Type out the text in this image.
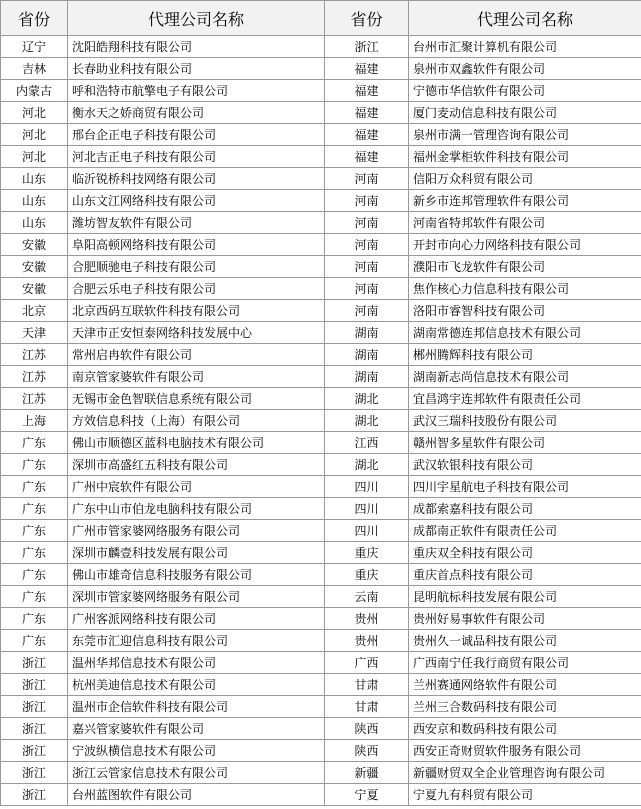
省份	代理公司名称	省份	代理公司名称
辽宁	沈阳皓翔科技有限公司	浙江	台州市汇聚计算机有限公司
吉林	长春助业科技有限公司	福建	泉州市双鑫软件有限公司
内蒙古	呼和浩特市航擎电子有限公司	福建	宁德市华信软件有限公司
河北	衡水天之娇商贸有限公司	福建	厦门麦动信息科技有限公司
河北	邢台企正电子科技有限公司	福建	泉州市满一管理咨询有限公司
河北	河北吉正电子科技有限公司	福建	福州金掌柜软件科技有限公司
山东	临沂锐桥科技网络有限公司	河南	信阳万众科贸有限公司
山东	山东文江网络科技有限公司	河南	新乡市连邦管理软件有限公司
山东	潍坊智友软件有限公司	河南	河南省特邦软件有限公司
安徽	阜阳高顿网络科技有限公司	河南	开封市向心力网络科技有限公司
安徽	合肥顺驰电子科技有限公司	河南	濮阳市飞龙软件有限公司
安徽	合肥云乐电子科技有限公司	河南	焦作核心力信息科技有限公司
北京	北京西码互联软件科技有限公司	河南	洛阳市睿智科技有限公司
天津	天津市正安恒泰网络科技发展中心	湖南	湖南常德连邦信息技术有限公司
江苏	常州启冉软件有限公司	湖南	郴州腾辉科技有限公司
江苏	南京管家婆软件有限公司	湖南	湖南新志尚信息技术有限公司
江苏	无锡市金色智联信息系统有限公司	湖北	宜昌鸿宇连邦软件有限责任公司
上海	方效信息科技（上海）有限公司	湖北	武汉三瑞科技股份有限公司
广东	佛山市顺德区蓝科电脑技术有限公司	江西	赣州智多星软件有限公司
广东	深圳市高盛红五科技有限公司	湖北	武汉软银科技有限公司
广东	广州中宸软件有限公司	四川	四川宇星航电子科技有限公司
广东	广东中山市伯龙电脑科技有限公司	四川	成都索嘉科技有限公司
广东	广州市管家婆网络服务有限公司	四川	成都南正软件有限责任公司
广东	深圳市麟壹科技发展有限公司	重庆	重庆双全科技有限公司
广东	佛山市雄奇信息科技服务有限公司	重庆	重庆首点科技有限公司
广东	深圳市管家婆网络服务有限公司	云南	昆明航标科技发展有限公司
广东	广州客派网络科技有限公司	贵州	贵州好易事软件有限公司
广东	东莞市汇迎信息科技有限公司	贵州	贵州久一诚品科技有限公司
浙江	温州华邦信息技术有限公司	广西	广西南宁任我行商贸有限公司
浙江	杭州美迪信息技术有限公司	甘肃	兰州赛通网络软件有限公司
浙江	温州市企信软件科技有限公司	甘肃	兰州三合数码科技有限公司
浙江	嘉兴管家婆软件有限公司	陕西	西安京和数码科技有限公司
浙江	宁波纵横信息技术有限公司	陕西	西安正奇财贸软件服务有限公司
浙江	浙江云管家信息技术有限公司	新疆	新疆财贸双全企业管理咨询有限公司
浙江	台州蓝图软件有限公司	宁夏	宁夏九有科贸有限公司
